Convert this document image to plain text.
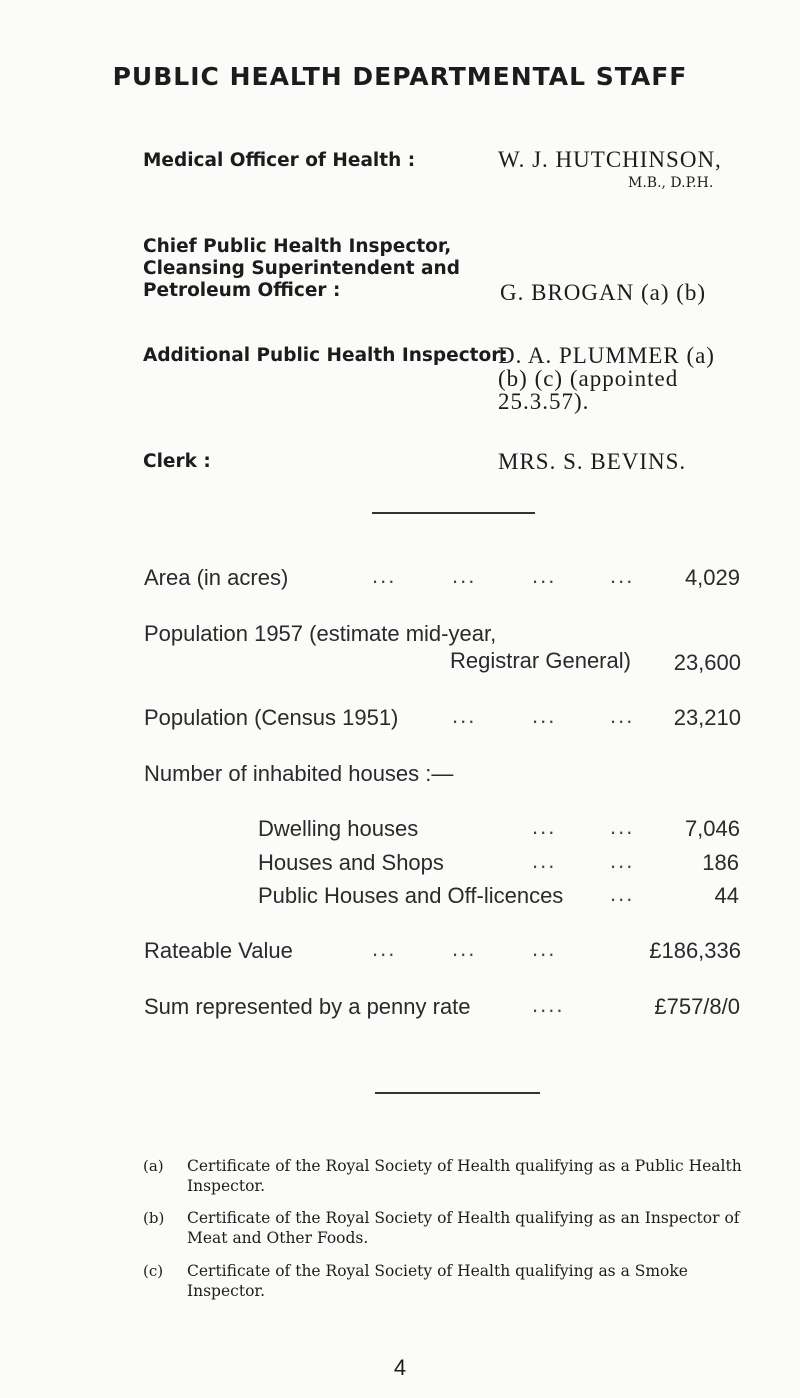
PUBLIC HEALTH DEPARTMENTAL STAFF
Medical Officer of Health :	W. J. HUTCHINSON,
M.B., D.P.H.
Chief Public Health Inspector,
Cleansing Superintendent and
Petroleum Officer :	G. BROGAN (a) (b)
Additional Public Health Inspector:
D. A. PLUMMER (a)
(b) (c) (appointed
25.3.57).
Clerk :	MRS. S. BEVINS.
Area (in acres)	...	...	... ...	4,029
Population 1957 (estimate mid-year,
Registrar General)	23,600
Population (Census 1951) ...	... ...	23,210
Number of inhabited houses :—
Dwelling houses	... ...	7,046
Houses and Shops	... ...	186
Public Houses and Off-licences ...	44
Rateable Value	...	...	...	£186,336
Sum represented by a penny rate	....	£757/8/0
(a) Certificate of the Royal Society of Health qualifying as a Public Health Inspector.
(b) Certificate of the Royal Society of Health qualifying as an Inspector of Meat and Other Foods.
(c) Certificate of the Royal Society of Health qualifying as a Smoke Inspector.
4
